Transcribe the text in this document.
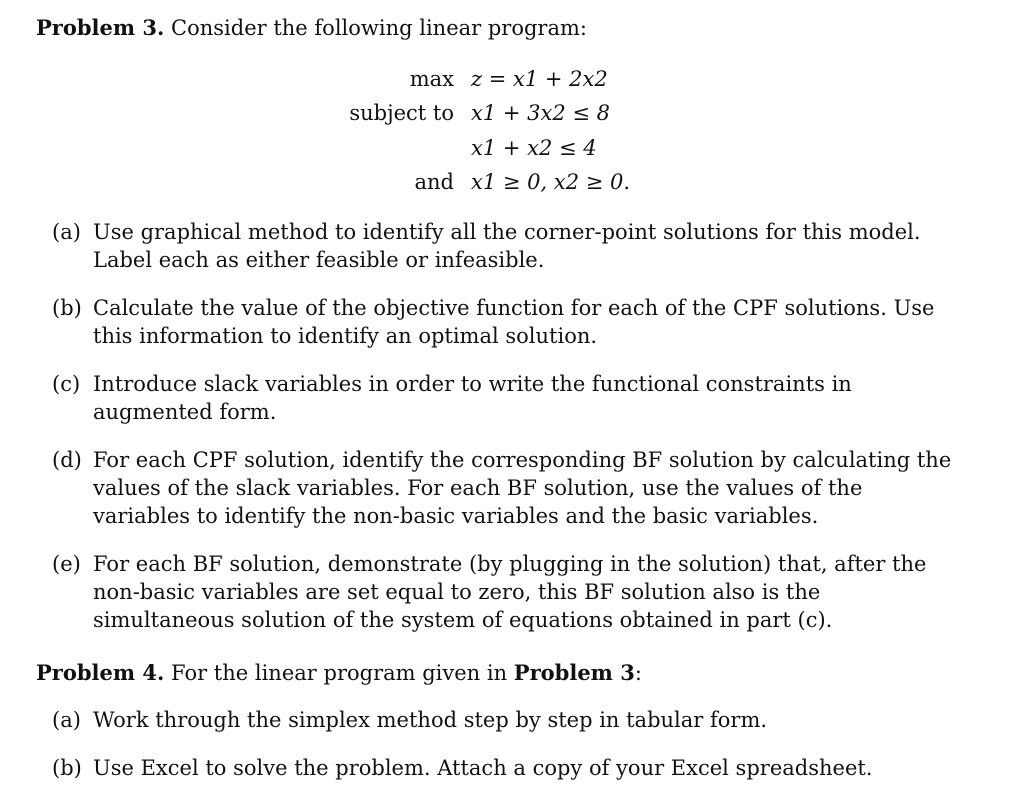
Problem 3. Consider the following linear program:
max z = x1 + 2x2
subject to x1 + 3x2 ≤ 8
x1 + x2 ≤ 4
and x1 ≥ 0, x2 ≥ 0.
(a) Use graphical method to identify all the corner-point solutions for this model. Label each as either feasible or infeasible.
(b) Calculate the value of the objective function for each of the CPF solutions. Use this information to identify an optimal solution.
(c) Introduce slack variables in order to write the functional constraints in augmented form.
(d) For each CPF solution, identify the corresponding BF solution by calculating the values of the slack variables. For each BF solution, use the values of the variables to identify the non-basic variables and the basic variables.
(e) For each BF solution, demonstrate (by plugging in the solution) that, after the non-basic variables are set equal to zero, this BF solution also is the simultaneous solution of the system of equations obtained in part (c).
Problem 4. For the linear program given in Problem 3:
(a) Work through the simplex method step by step in tabular form.
(b) Use Excel to solve the problem. Attach a copy of your Excel spreadsheet.
